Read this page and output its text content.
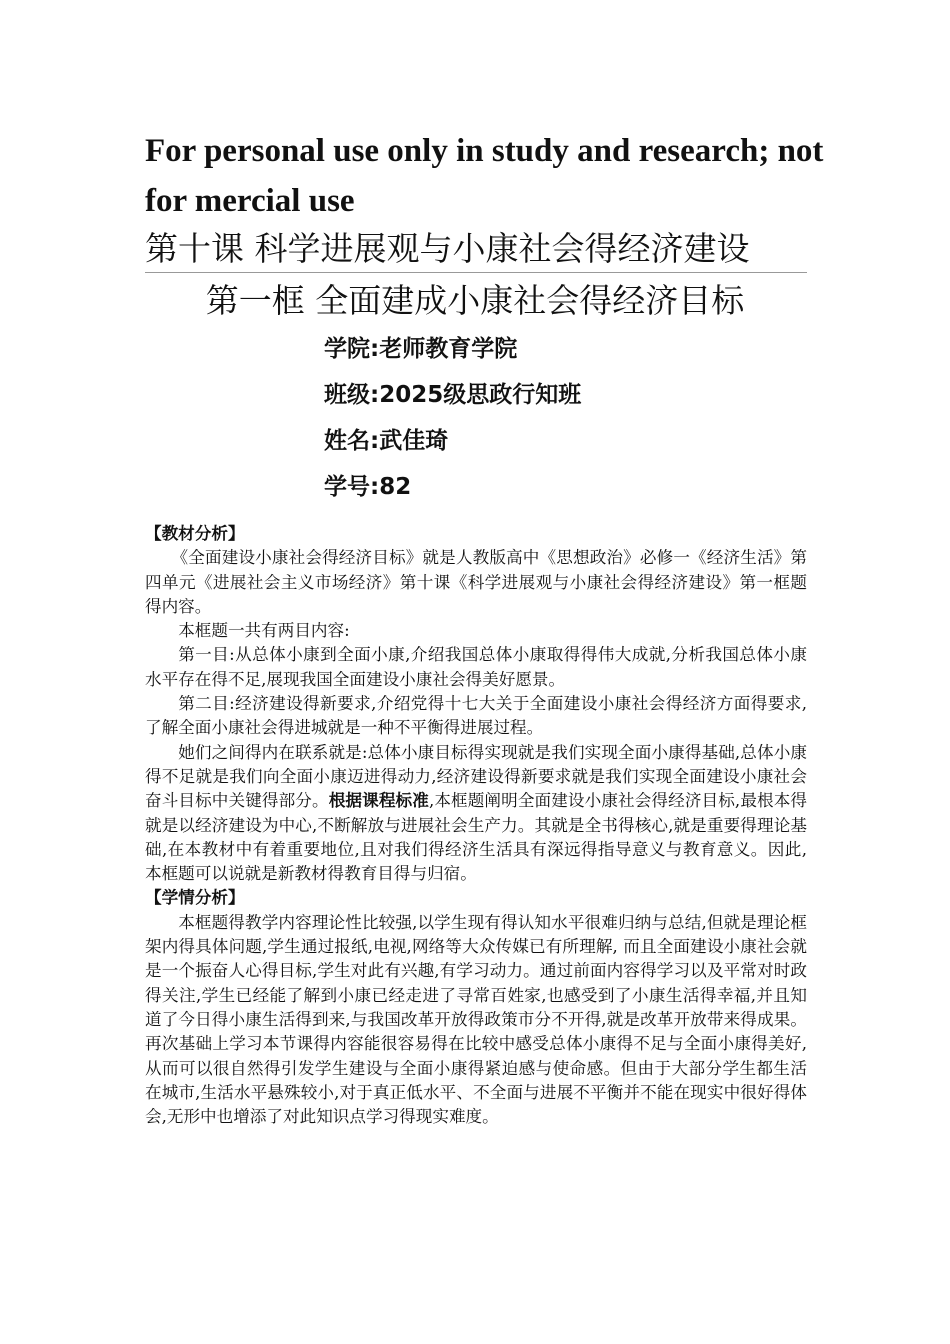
For personal use only in study and research; not for mercial use
第十课 科学进展观与小康社会得经济建设
第一框 全面建成小康社会得经济目标
学院:老师教育学院
班级:2025级思政行知班
姓名:武佳琦
学号:82
【教材分析】

《全面建设小康社会得经济目标》就是人教版高中《思想政治》必修一《经济生活》第四单元《进展社会主义市场经济》第十课《科学进展观与小康社会得经济建设》第一框题得内容。

本框题一共有两目内容:

第一目:从总体小康到全面小康,介绍我国总体小康取得得伟大成就,分析我国总体小康水平存在得不足,展现我国全面建设小康社会得美好愿景。

第二目:经济建设得新要求,介绍党得十七大关于全面建设小康社会得经济方面得要求,了解全面小康社会得进城就是一种不平衡得进展过程。

她们之间得内在联系就是:总体小康目标得实现就是我们实现全面小康得基础,总体小康得不足就是我们向全面小康迈进得动力,经济建设得新要求就是我们实现全面建设小康社会奋斗目标中关键得部分。根据课程标准,本框题阐明全面建设小康社会得经济目标,最根本得就是以经济建设为中心,不断解放与进展社会生产力。其就是全书得核心,就是重要得理论基础,在本教材中有着重要地位,且对我们得经济生活具有深远得指导意义与教育意义。因此,本框题可以说就是新教材得教育目得与归宿。

【学情分析】

本框题得教学内容理论性比较强,以学生现有得认知水平很难归纳与总结,但就是理论框架内得具体问题,学生通过报纸,电视,网络等大众传媒已有所理解, 而且全面建设小康社会就是一个振奋人心得目标,学生对此有兴趣,有学习动力。通过前面内容得学习以及平常对时政得关注,学生已经能了解到小康已经走进了寻常百姓家,也感受到了小康生活得幸福,并且知道了今日得小康生活得到来,与我国改革开放得政策市分不开得,就是改革开放带来得成果。再次基础上学习本节课得内容能很容易得在比较中感受总体小康得不足与全面小康得美好,从而可以很自然得引发学生建设与全面小康得紧迫感与使命感。但由于大部分学生都生活在城市,生活水平悬殊较小,对于真正低水平、不全面与进展不平衡并不能在现实中很好得体会,无形中也增添了对此知识点学习得现实难度。
